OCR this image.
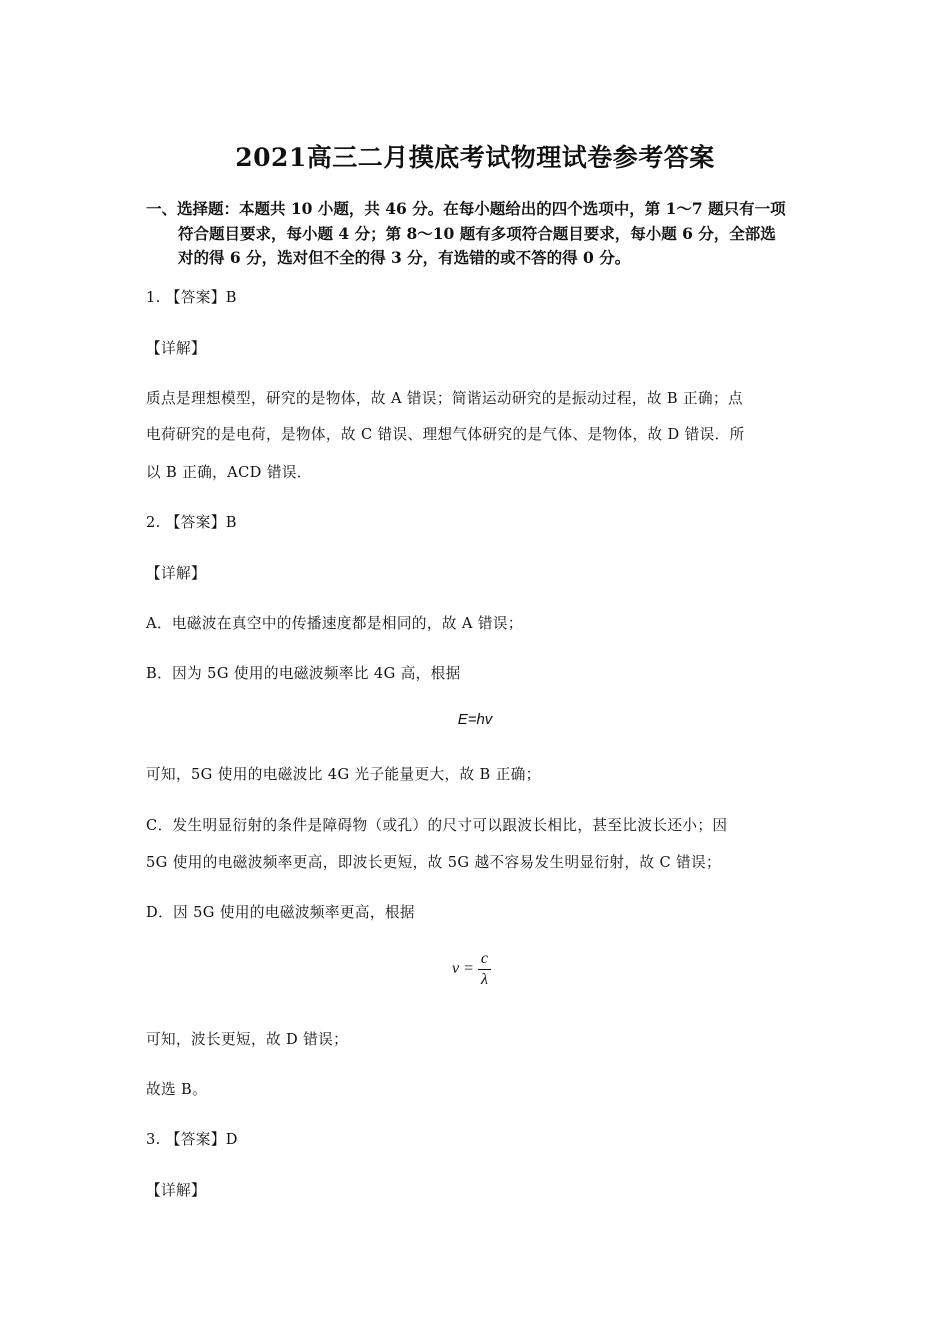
2021高三二月摸底考试物理试卷参考答案
一、选择题：本题共 10 小题，共 46 分。在每小题给出的四个选项中，第 1～7 题只有一项
符合题目要求，每小题 4 分；第 8～10 题有多项符合题目要求，每小题 6 分，全部选
对的得 6 分，选对但不全的得 3 分，有选错的或不答的得 0 分。
1. 【答案】B
【详解】
质点是理想模型，研究的是物体，故 A 错误；简谐运动研究的是振动过程，故 B 正确；点
电荷研究的是电荷，是物体，故 C 错误、理想气体研究的是气体、是物体，故 D 错误．所
以 B 正确，ACD 错误．
2. 【答案】B
【详解】
A．电磁波在真空中的传播速度都是相同的，故 A 错误；
B．因为 5G 使用的电磁波频率比 4G 高，根据
E=hv
可知，5G 使用的电磁波比 4G 光子能量更大，故 B 正确；
C．发生明显衍射的条件是障碍物（或孔）的尺寸可以跟波长相比，甚至比波长还小；因
5G 使用的电磁波频率更高，即波长更短，故 5G 越不容易发生明显衍射，故 C 错误；
D．因 5G 使用的电磁波频率更高，根据
$v = \frac{c}{\lambda}$
可知，波长更短，故 D 错误；
故选 B。
3. 【答案】D
【详解】
